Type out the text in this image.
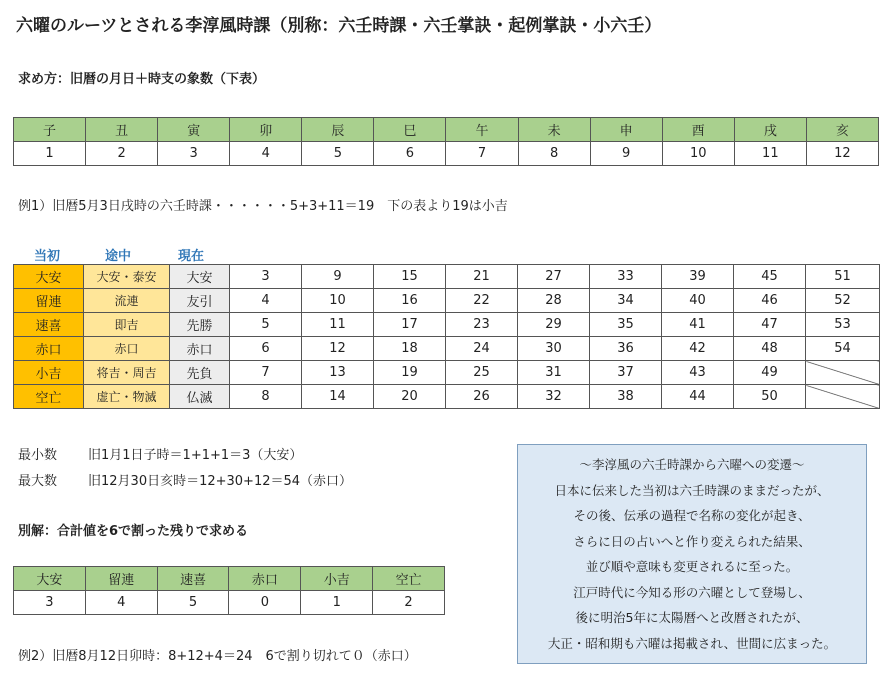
六曜のルーツとされる李淳風時課（別称：六壬時課・六壬掌訣・起例掌訣・小六壬）
求め方：旧暦の月日＋時支の象数（下表）
子	丑	寅	卯	辰	巳	午	未	申	酉	戌	亥
1	2	3	4	5	6	7	8	9	10	11	12
例1）旧暦5月3日戌時の六壬時課・・・・・・5+3+11＝19　下の表より19は小吉
当初	途中	現在
大安	大安・泰安	大安	3	9	15	21	27	33	39	45	51
留連	流連	友引	4	10	16	22	28	34	40	46	52
速喜	即吉	先勝	5	11	17	23	29	35	41	47	53
赤口	赤口	赤口	6	12	18	24	30	36	42	48	54
小吉	将吉・周吉	先負	7	13	19	25	31	37	43	49	
空亡	虚亡・物滅	仏滅	8	14	20	26	32	38	44	50	
最小数 旧1月1日子時＝1+1+1＝3（大安）
最大数 旧12月30日亥時＝12+30+12＝54（赤口）
別解：合計値を6で割った残りで求める
大安	留連	速喜	赤口	小吉	空亡
3	4	5	0	1	2
例2）旧暦8月12日卯時：8+12+4＝24　6で割り切れて０（赤口）
～李淳風の六壬時課から六曜への変遷～
日本に伝来した当初は六壬時課のままだったが、
その後、伝承の過程で名称の変化が起き、
さらに日の占いへと作り変えられた結果、
並び順や意味も変更されるに至った。
江戸時代に今知る形の六曜として登場し、
後に明治5年に太陽暦へと改暦されたが、
大正・昭和期も六曜は掲載され、世間に広まった。
